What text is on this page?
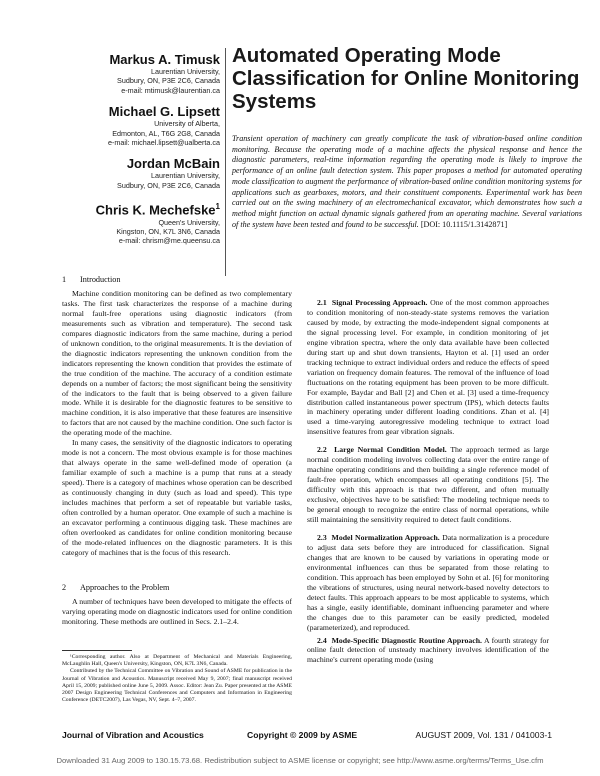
Markus A. Timusk
Laurentian University,
Sudbury, ON, P3E 2C6, Canada
e-mail: mtimusk@laurentian.ca
Michael G. Lipsett
University of Alberta,
Edmonton, AL, T6G 2G8, Canada
e-mail: michael.lipsett@ualberta.ca
Jordan McBain
Laurentian University,
Sudbury, ON, P3E 2C6, Canada
Chris K. Mechefske$^1$
Queen's University,
Kingston, ON, K7L 3N6, Canada
e-mail: chrism@me.queensu.ca
Automated Operating Mode Classification for Online Monitoring Systems
Transient operation of machinery can greatly complicate the task of vibration-based online condition monitoring. Because the operating mode of a machine affects the physical response and hence the diagnostic parameters, real-time information regarding the operating mode is likely to improve the performance of an online fault detection system. This paper proposes a method for automated operating mode classification to augment the performance of vibration-based online condition monitoring systems for applications such as gearboxes, motors, and their constituent components. Experimental work has been carried out on the swing machinery of an electromechanical excavator, which demonstrates how such a method might function on actual dynamic signals gathered from an operating machine. Several variations of the system have been tested and found to be successful. [DOI: 10.1115/1.3142871]
1 Introduction

Machine condition monitoring can be defined as two complementary tasks. The first task characterizes the response of a machine during normal fault-free operations using diagnostic indicators (from measurements such as vibration and temperature). The second task compares diagnostic indicators from the same machine, during a period of unknown condition, to the original measurements. It is the deviation of the diagnostic indicators representing the unknown condition from the indicators representing the known condition that provides the estimate of the true condition of the machine. The accuracy of a condition estimate depends on a number of factors; the most significant being the sensitivity of the indicators to the fault that is being observed to a given failure mode. While it is desirable for the diagnostic features to be sensitive to machine condition, it is also imperative that these features are insensitive to factors that are not caused by the machine condition. One such factor is the operating mode of the machine.

In many cases, the sensitivity of the diagnostic indicators to operating mode is not a concern. The most obvious example is for those machines that always operate in the same well-defined mode of operation (a familiar example of such a machine is a pump that runs at a steady speed). There is a category of machines whose operation can be described as continuously changing in duty (such as load and speed). This type includes machines that perform a set of repeatable but variable tasks, often controlled by a human operator. One example of such a machine is an excavator performing a continuous digging task. These machines are often overlooked as candidates for online condition monitoring because of the mode-related influences on the diagnostic parameters. It is this category of machines that is the focus of this research.

2 Approaches to the Problem

A number of techniques have been developed to mitigate the effects of varying operating mode on diagnostic indicators used for online condition monitoring. These methods are outlined in Secs. 2.1–2.4.

¹Corresponding author. Also at Department of Mechanical and Materials Engineering, McLaughlin Hall, Queen's University, Kingston, ON, K7L 3N6, Canada.

Contributed by the Technical Committee on Vibration and Sound of ASME for publication in the Journal of Vibration and Acoustics. Manuscript received May 9, 2007; final manuscript received April 15, 2009; published online June 5, 2009. Assoc. Editor: Jean Zu. Paper presented at the ASME 2007 Design Engineering Technical Conferences and Computers and Information in Engineering Conference (DETC2007), Las Vegas, NV, Sept. 4–7, 2007.

2.1 Signal Processing Approach. One of the most common approaches to condition monitoring of non-steady-state systems removes the variation caused by mode, by extracting the mode-independent signal components at the signal processing level. For example, in condition monitoring of jet engine vibration spectra, where the only data available have been collected during start up and shut down transients, Hayton et al. [1] used an order tracking technique to extract individual orders and reduce the effects of speed variation on frequency domain features. The removal of the influence of load fluctuations on the rotating equipment has been proven to be more difficult. For example, Baydar and Ball [2] and Chen et al. [3] used a time-frequency distribution called instantaneous power spectrum (IPS), which detects faults in machinery operating under different loading conditions. Zhan et al. [4] used a time-varying autoregressive modeling technique to extract load insensitive features from gear vibration signals.

2.2 Large Normal Condition Model. The approach termed as large normal condition modeling involves collecting data over the entire range of machine operating conditions and then building a single reference model of fault-free operation, which encompasses all operating conditions [5]. The difficulty with this approach is that two different, and often mutually exclusive, objectives have to be satisfied: The modeling technique needs to be general enough to recognize the entire class of normal operations, while still maintaining the sensitivity required to detect fault conditions.

2.3 Model Normalization Approach. Data normalization is a procedure to adjust data sets before they are introduced for classification. Signal changes that are known to be caused by variations in operating mode or environmental influences can thus be separated from those relating to condition. This approach has been employed by Sohn et al. [6] for monitoring the vibrations of structures, using neural network-based novelty detectors to detect faults. This approach appears to be most applicable to systems, which has a single, easily identifiable, dominant influencing parameter and where the changes due to this parameter can be easily predicted, modeled (parameterized), and reproduced.

2.4 Mode-Specific Diagnostic Routine Approach. A fourth strategy for online fault detection of unsteady machinery involves identification of the machine's current operating mode (using

Journal of Vibration and Acoustics	Copyright © 2009 by ASME	AUGUST 2009, Vol. 131 / 041003-1
Downloaded 31 Aug 2009 to 130.15.73.68. Redistribution subject to ASME license or copyright; see http://www.asme.org/terms/Terms_Use.cfm
